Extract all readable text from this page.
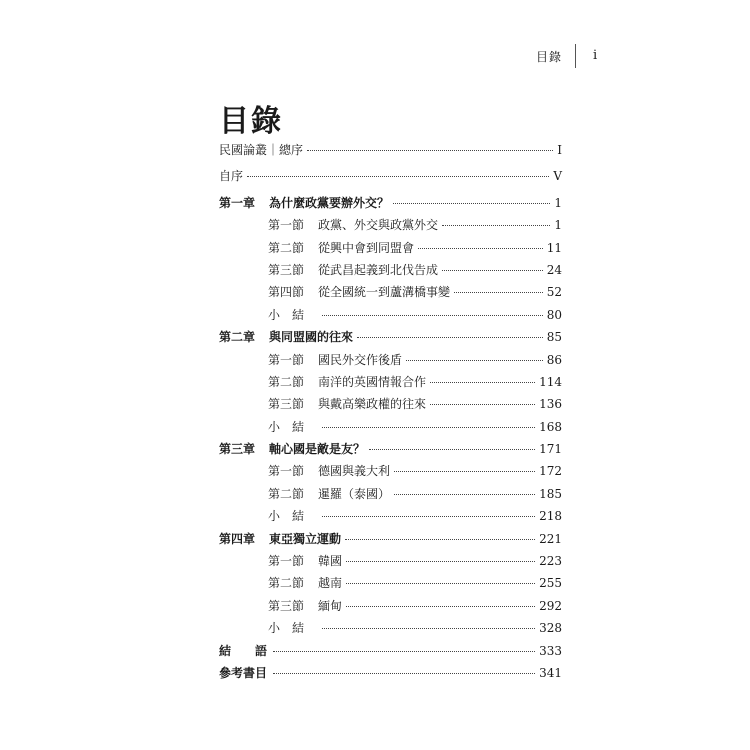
目錄 i
目錄
民國論叢｜總序	I
自序	V
第一章	為什麼政黨要辦外交？	1
第一節	政黨、外交與政黨外交	1
第二節	從興中會到同盟會	11
第三節	從武昌起義到北伐告成	24
第四節	從全國統一到蘆溝橋事變	52
小　結	80
第二章	與同盟國的往來	85
第一節	國民外交作後盾	86
第二節	南洋的英國情報合作	114
第三節	與戴高樂政權的往來	136
小　結	168
第三章	軸心國是敵是友？	171
第一節	德國與義大利	172
第二節	暹羅（泰國）	185
小　結	218
第四章	東亞獨立運動	221
第一節	韓國	223
第二節	越南	255
第三節	緬甸	292
小　結	328
結　　語	333
參考書目	341
